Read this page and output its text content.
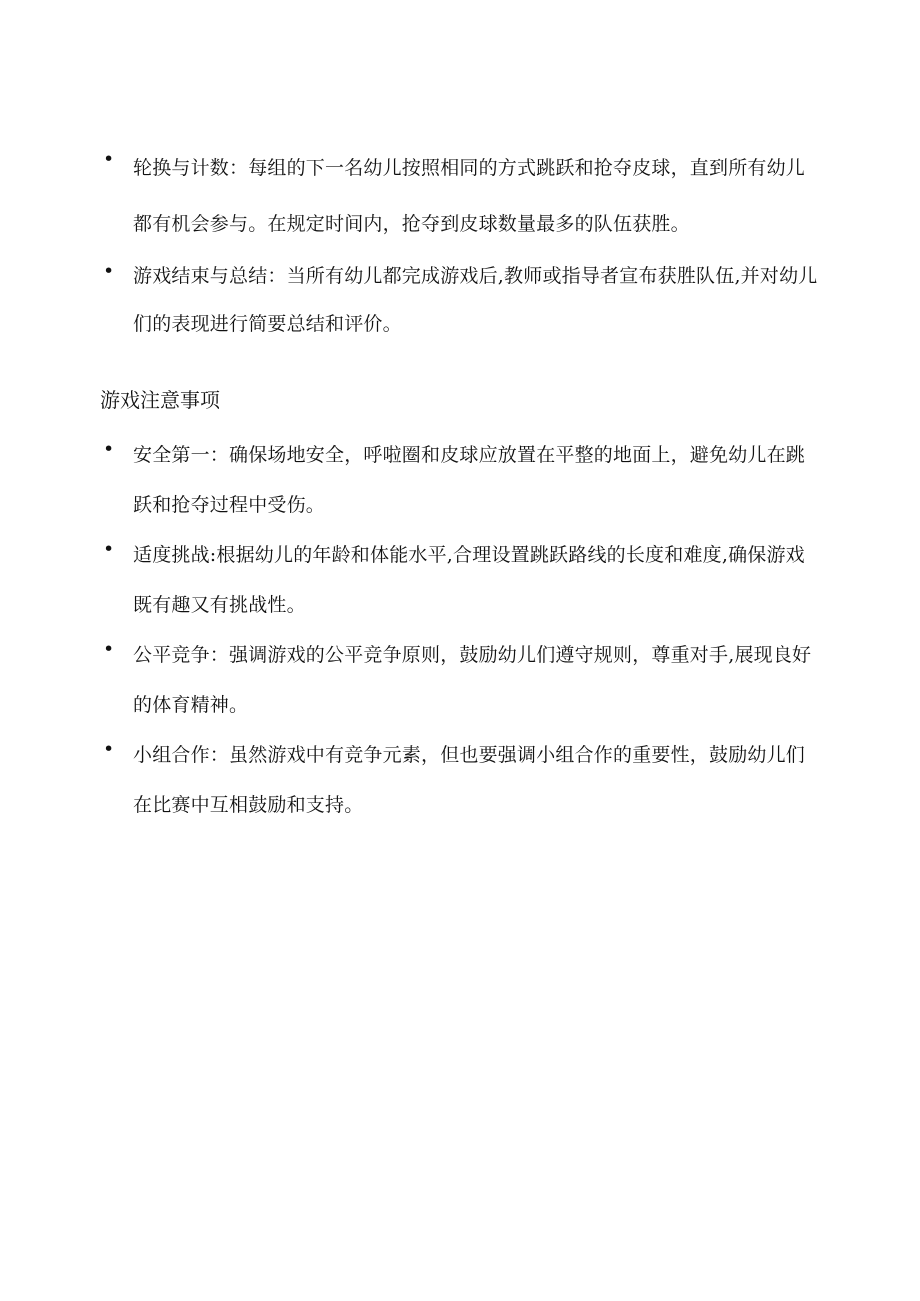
• 轮换与计数：每组的下一名幼儿按照相同的方式跳跃和抢夺皮球，直到所有幼儿都有机会参与。在规定时间内，抢夺到皮球数量最多的队伍获胜。
• 游戏结束与总结：当所有幼儿都完成游戏后,教师或指导者宣布获胜队伍,并对幼儿们的表现进行简要总结和评价。
游戏注意事项
• 安全第一：确保场地安全，呼啦圈和皮球应放置在平整的地面上，避免幼儿在跳跃和抢夺过程中受伤。
• 适度挑战:根据幼儿的年龄和体能水平,合理设置跳跃路线的长度和难度,确保游戏既有趣又有挑战性。
• 公平竞争：强调游戏的公平竞争原则，鼓励幼儿们遵守规则，尊重对手,展现良好的体育精神。
• 小组合作：虽然游戏中有竞争元素，但也要强调小组合作的重要性，鼓励幼儿们在比赛中互相鼓励和支持。
